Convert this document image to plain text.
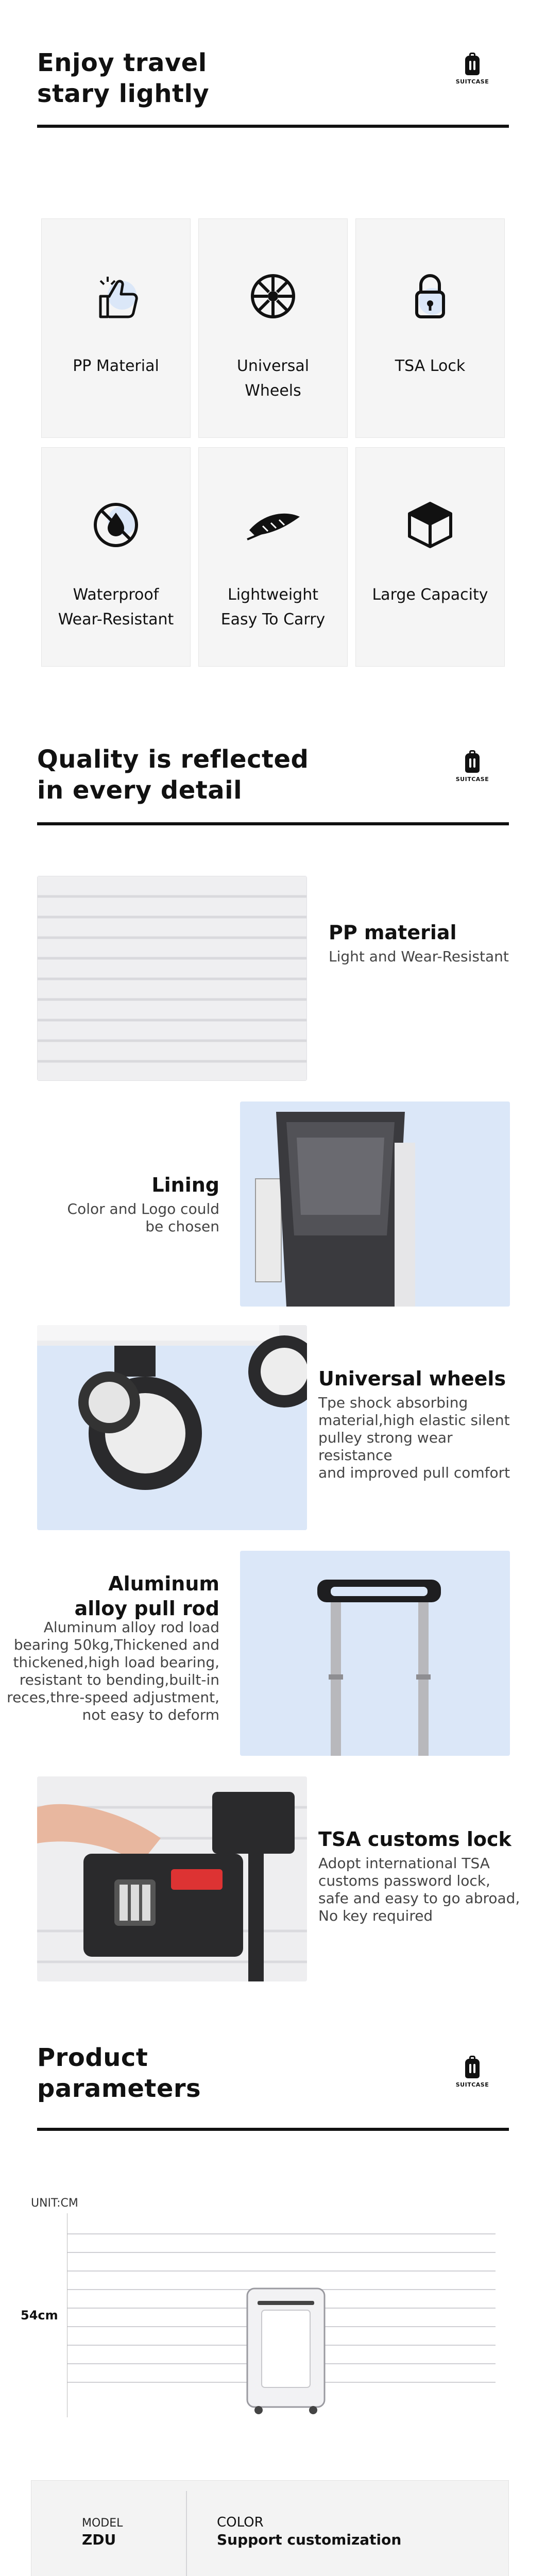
Enjoy travel
stary lightly	SUITCASE
PP Material	Universal
Wheels
TSA Lock
Waterproof
Wear-Resistant
Lightweight
Easy To Carry
Large Capacity
Quality is reflected
in every detail	SUITCASE
PP material
Light and Wear-Resistant
Lining
Color and Logo could
be chosen
Universal wheels
Tpe shock absorbing
material,high elastic silent
pulley strong wear resistance
and improved pull comfort
Aluminum
alloy pull rod
Aluminum alloy rod load
bearing 50kg,Thickened and
thickened,high load bearing,
resistant to bending,built-in
reces,thre-speed adjustment,
not easy to deform
TSA customs lock
Adopt international TSA
customs password lock,
safe and easy to go abroad,
No key required
Product
parameters	SUITCASE
UNIT:CM
54cm
MODEL
ZDU
COLOR
Support customization
